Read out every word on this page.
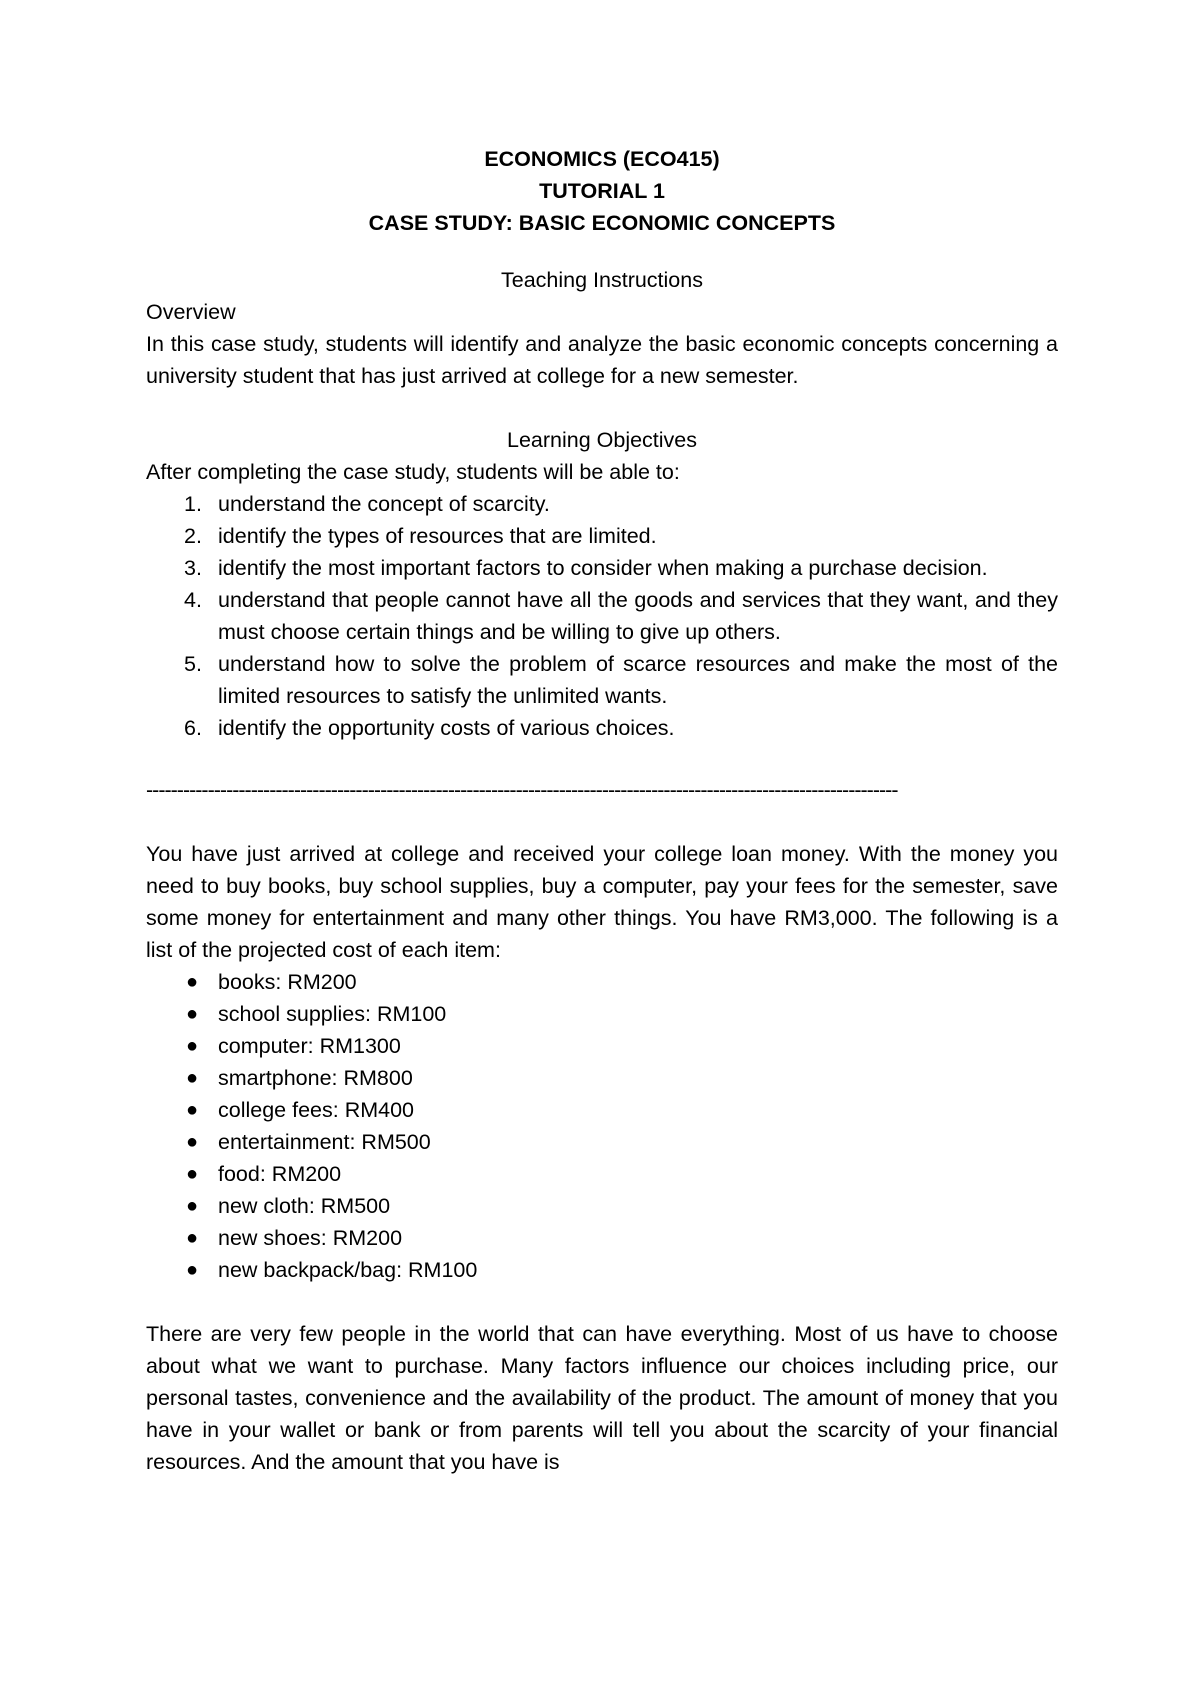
ECONOMICS (ECO415)

TUTORIAL 1

CASE STUDY: BASIC ECONOMIC CONCEPTS

Teaching Instructions

Overview

In this case study, students will identify and analyze the basic economic concepts concerning a university student that has just arrived at college for a new semester.

Learning Objectives

After completing the case study, students will be able to:

1. understand the concept of scarcity.
2. identify the types of resources that are limited.
3. identify the most important factors to consider when making a purchase decision.
4. understand that people cannot have all the goods and services that they want, and they must choose certain things and be willing to give up others.
5. understand how to solve the problem of scarce resources and make the most of the limited resources to satisfy the unlimited wants.
6. identify the opportunity costs of various choices.
--------------------------------------------------------------------------------------------------------------------------

You have just arrived at college and received your college loan money. With the money you need to buy books, buy school supplies, buy a computer, pay your fees for the semester, save some money for entertainment and many other things. You have RM3,000. The following is a list of the projected cost of each item:

● books: RM200
● school supplies: RM100
● computer: RM1300
● smartphone: RM800
● college fees: RM400
● entertainment: RM500
● food: RM200
● new cloth: RM500
● new shoes: RM200
● new backpack/bag: RM100

There are very few people in the world that can have everything. Most of us have to choose about what we want to purchase. Many factors influence our choices including price, our personal tastes, convenience and the availability of the product. The amount of money that you have in your wallet or bank or from parents will tell you about the scarcity of your financial resources. And the amount that you have is
